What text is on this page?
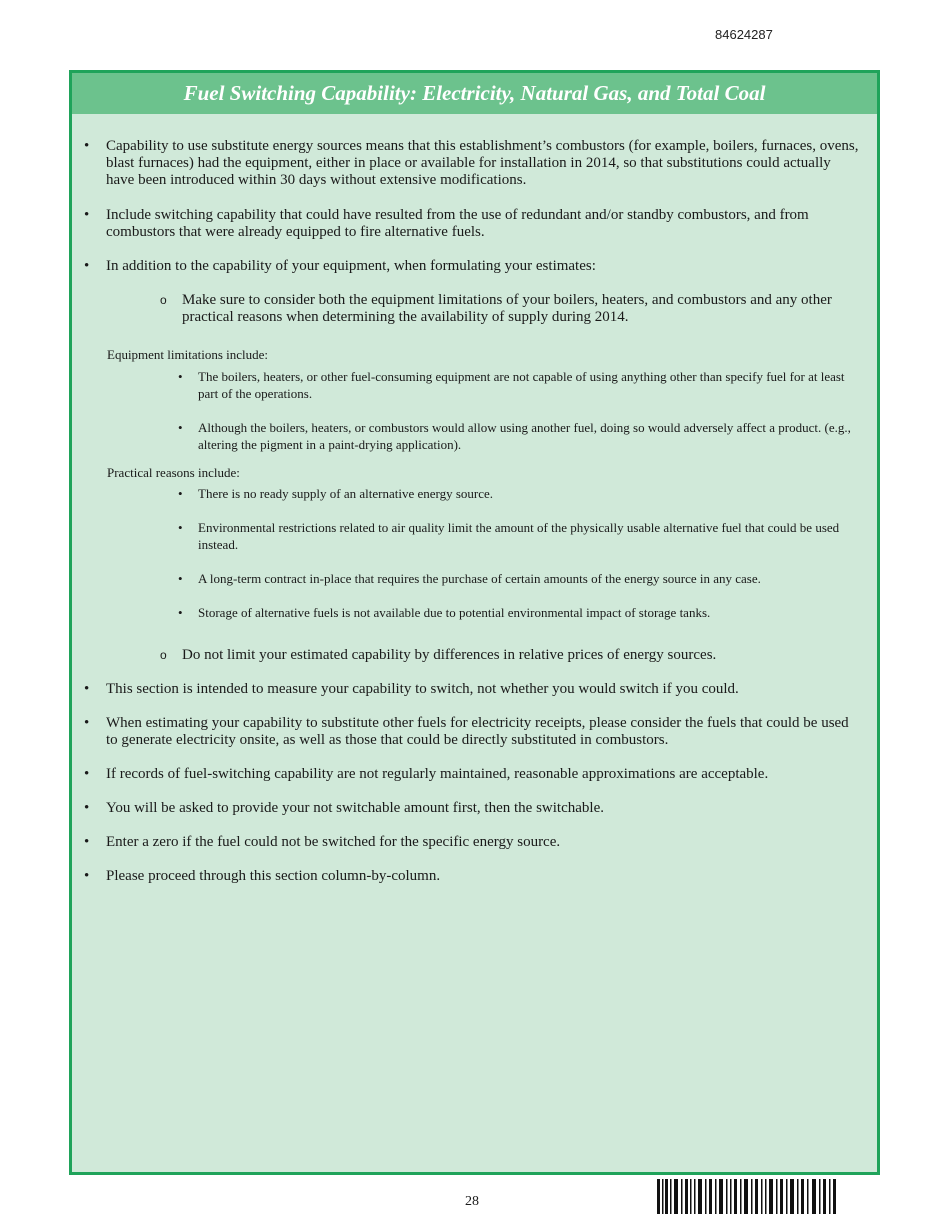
84624287
Fuel Switching Capability: Electricity, Natural Gas, and Total Coal
•	Capability to use substitute energy sources means that this establishment’s combustors (for example, boilers, furnaces, ovens, blast furnaces) had the equipment, either in place or available for installation in 2014, so that substitutions could actually have been introduced within 30 days without extensive modifications.
•	Include switching capability that could have resulted from the use of redundant and/or standby combustors, and from combustors that were already equipped to fire alternative fuels.
•	In addition to the capability of your equipment, when formulating your estimates:
o Make sure to consider both the equipment limitations of your boilers, heaters, and combustors and any other practical reasons when determining the availability of supply during 2014.
Equipment limitations include:
• The boilers, heaters, or other fuel-consuming equipment are not capable of using anything other than specify fuel for at least part of the operations.
• Although the boilers, heaters, or combustors would allow using another fuel, doing so would adversely affect a product. (e.g., altering the pigment in a paint-drying application).
Practical reasons include:
• There is no ready supply of an alternative energy source.
• Environmental restrictions related to air quality limit the amount of the physically usable alternative fuel that could be used instead.
• A long-term contract in-place that requires the purchase of certain amounts of the energy source in any case.
• Storage of alternative fuels is not available due to potential environmental impact of storage tanks.
o Do not limit your estimated capability by differences in relative prices of energy sources.
•	This section is intended to measure your capability to switch, not whether you would switch if you could.
•	When estimating your capability to substitute other fuels for electricity receipts, please consider the fuels that could be used to generate electricity onsite, as well as those that could be directly substituted in combustors.
•	If records of fuel-switching capability are not regularly maintained, reasonable approximations are acceptable.
•	You will be asked to provide your not switchable amount first, then the switchable.
•	Enter a zero if the fuel could not be switched for the specific energy source.
•	Please proceed through this section column-by-column.
28
